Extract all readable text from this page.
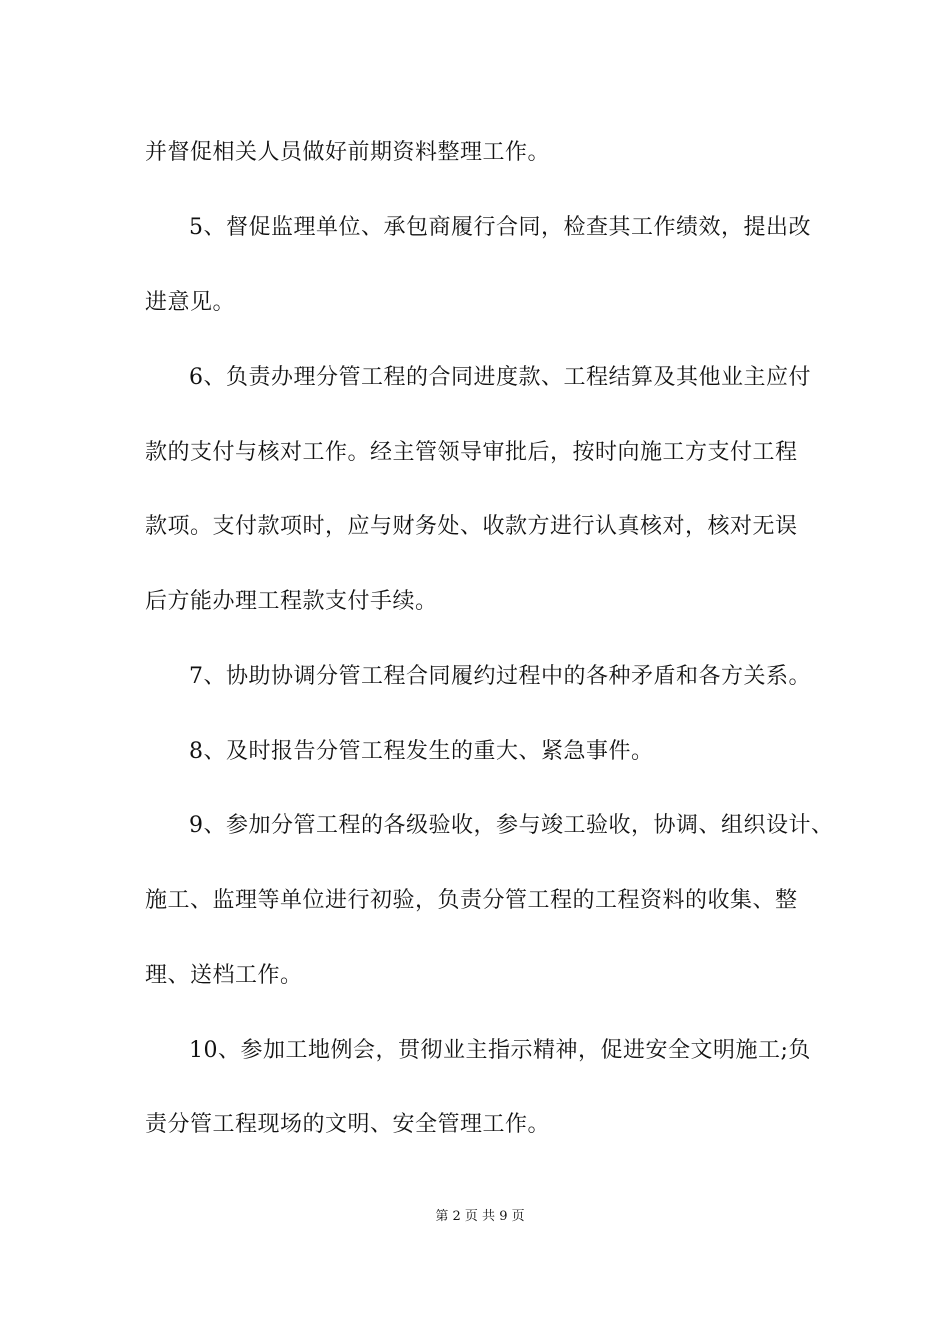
并督促相关人员做好前期资料整理工作。
5、督促监理单位、承包商履行合同，检查其工作绩效，提出改
进意见。
6、负责办理分管工程的合同进度款、工程结算及其他业主应付
款的支付与核对工作。经主管领导审批后，按时向施工方支付工程
款项。支付款项时，应与财务处、收款方进行认真核对，核对无误
后方能办理工程款支付手续。
7、协助协调分管工程合同履约过程中的各种矛盾和各方关系。
8、及时报告分管工程发生的重大、紧急事件。
9、参加分管工程的各级验收，参与竣工验收，协调、组织设计、
施工、监理等单位进行初验，负责分管工程的工程资料的收集、整
理、送档工作。
10、参加工地例会，贯彻业主指示精神，促进安全文明施工;负
责分管工程现场的文明、安全管理工作。
第 2 页 共 9 页
